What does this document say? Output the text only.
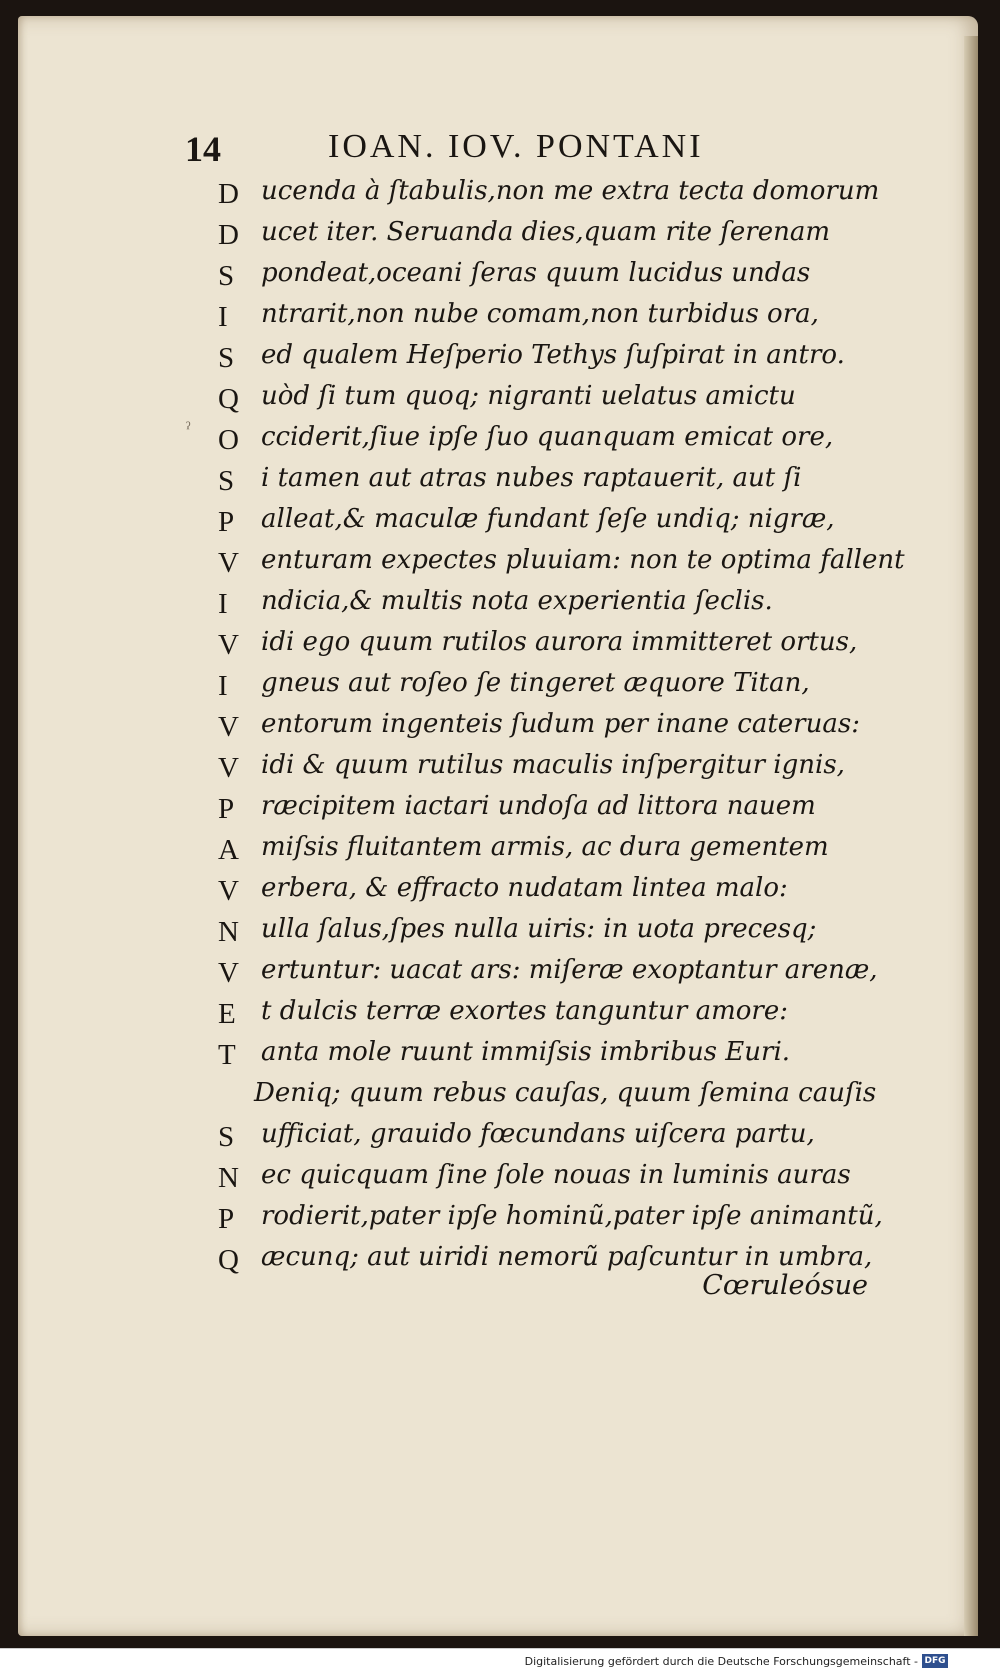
14	IOAN. IOV. PONTANI
ˀ
D ucenda à ſtabulis,non me extra tecta domorum
D ucet iter. Seruanda dies,quam rite ſerenam
S	pondeat,oceani ſeras quum lucidus undas
I	ntrarit,non nube comam,non turbidus ora,
S	ed qualem Heſperio Tethys ſuſpirat in antro.
Q uòd ſi tum quoq; nigranti uelatus amictu
O cciderit,ſiue ipſe ſuo quanquam emicat ore,
S	i tamen aut atras nubes raptauerit, aut ſi
P	alleat,& maculæ fundant ſeſe undiq; nigræ,
V enturam expectes pluuiam: non te optima fallent
I	ndicia,& multis nota experientia ſeclis.
V idi ego quum rutilos aurora immitteret ortus,
I	gneus aut roſeo ſe tingeret æquore Titan,
V entorum ingenteis ſudum per inane cateruas:
V idi & quum rutilus maculis inſpergitur ignis,
P	ræcipitem iactari undoſa ad littora nauem
A miſsis fluitantem armis, ac dura gementem
V erbera, & effracto nudatam lintea malo:
N ulla ſalus,ſpes nulla uiris: in uota precesq;
V ertuntur: uacat ars: miſeræ exoptantur arenæ,
E t dulcis terræ exortes tanguntur amore:
T anta mole ruunt immiſsis imbribus Euri.
Deniq; quum rebus cauſas, quum ſemina cauſis
S	ufficiat, grauido fœcundans uiſcera partu,
N ec quicquam ſine ſole nouas in luminis auras
P	rodierit,pater ipſe hominũ,pater ipſe animantũ,
Q æcunq; aut uiridi nemorũ paſcuntur in umbra,
Cœruleósue
Digitalisierung gefördert durch die Deutsche Forschungsgemeinschaft - DFG
